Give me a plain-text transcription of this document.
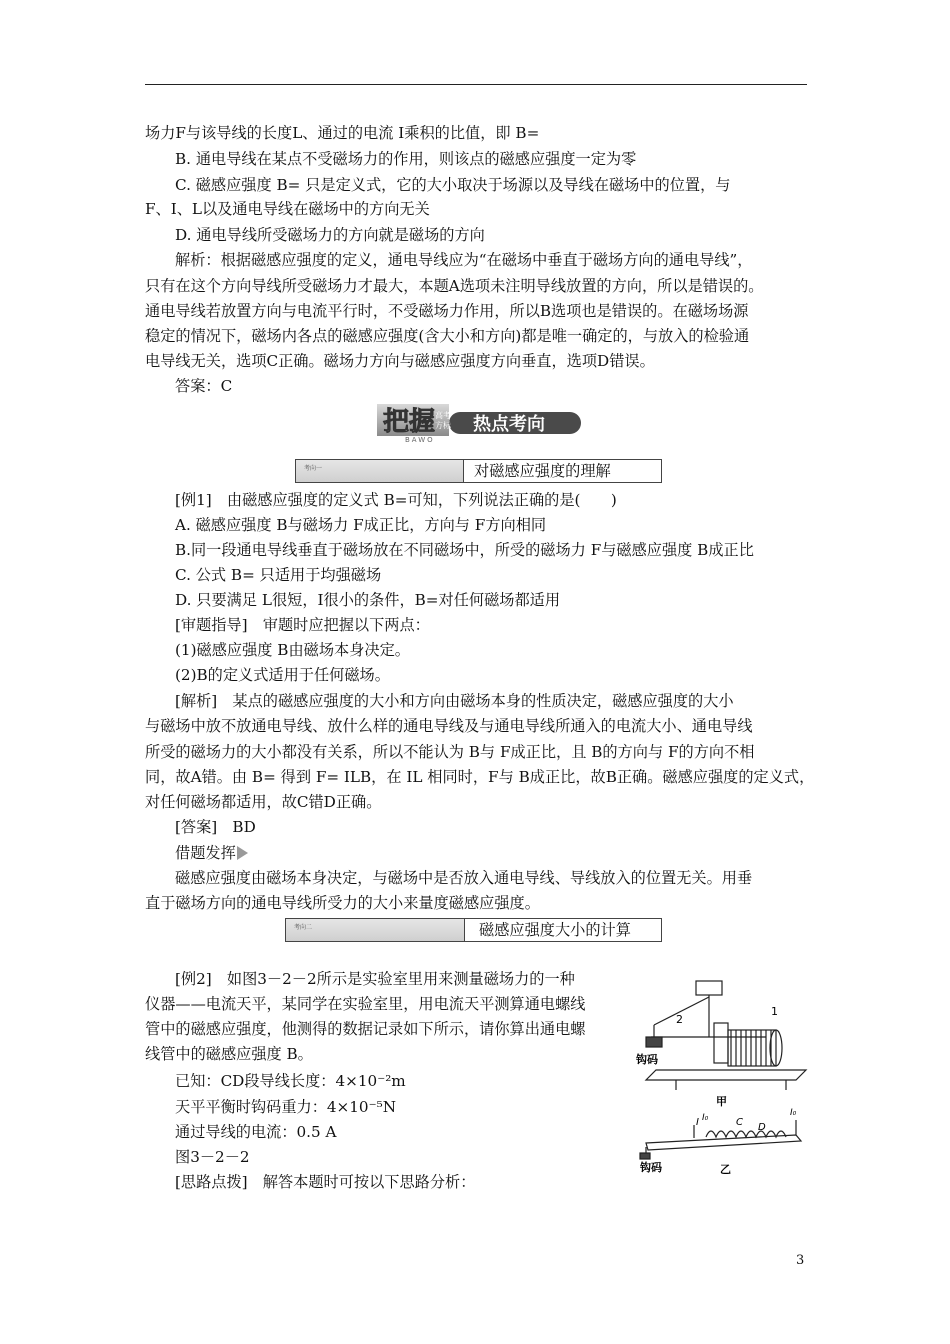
场力F与该导线的长度L、通过的电流 I乘积的比值，即 B=
B. 通电导线在某点不受磁场力的作用，则该点的磁感应强度一定为零
C. 磁感应强度 B= 只是定义式，它的大小取决于场源以及导线在磁场中的位置，与
F、I、L以及通电导线在磁场中的方向无关
D. 通电导线所受磁场力的方向就是磁场的方向
解析：根据磁感应强度的定义，通电导线应为“在磁场中垂直于磁场方向的通电导线”，
只有在这个方向导线所受磁场力才最大，本题A选项未注明导线放置的方向，所以是错误的。
通电导线若放置方向与电流平行时，不受磁场力作用，所以B选项也是错误的。在磁场场源
稳定的情况下，磁场内各点的磁感应强度(含大小和方向)都是唯一确定的，与放入的检验通
电导线无关，选项C正确。磁场力方向与磁感应强度方向垂直，选项D错误。
答案：C
把握 高考
方标
BAWO
热点考向
考向一	对磁感应强度的理解
[例1]　由磁感应强度的定义式 B=可知，下列说法正确的是(　　)
A. 磁感应强度 B与磁场力 F成正比，方向与 F方向相同
B.同一段通电导线垂直于磁场放在不同磁场中，所受的磁场力 F与磁感应强度 B成正比
C. 公式 B= 只适用于均强磁场
D. 只要满足 L很短，I很小的条件，B=对任何磁场都适用
[审题指导]　审题时应把握以下两点：
(1)磁感应强度 B由磁场本身决定。
(2)B的定义式适用于任何磁场。
[解析]　某点的磁感应强度的大小和方向由磁场本身的性质决定，磁感应强度的大小
与磁场中放不放通电导线、放什么样的通电导线及与通电导线所通入的电流大小、通电导线
所受的磁场力的大小都没有关系，所以不能认为 B与 F成正比，且 B的方向与 F的方向不相
同，故A错。由 B= 得到 F= ILB，在 IL 相同时，F与 B成正比，故B正确。磁感应强度的定义式，
对任何磁场都适用，故C错D正确。
[答案]　BD
借题发挥
磁感应强度由磁场本身决定，与磁场中是否放入通电导线、导线放入的位置无关。用垂
直于磁场方向的通电导线所受力的大小来量度磁感应强度。
考向二	磁感应强度大小的计算
[例2]　如图3－2－2所示是实验室里用来测量磁场力的一种
仪器——电流天平，某同学在实验室里，用电流天平测算通电螺线
管中的磁感应强度，他测得的数据记录如下所示，请你算出通电螺
线管中的磁感应强度 B。
已知：CD段导线长度：4×10⁻²m
天平平衡时钩码重力：4×10⁻⁵N
通过导线的电流：0.5 A
图3－2－2
[思路点拨]　解答本题时可按以下思路分析：
1
2
钩码
甲
I I₀	C D
I₀
钩码	乙
3
